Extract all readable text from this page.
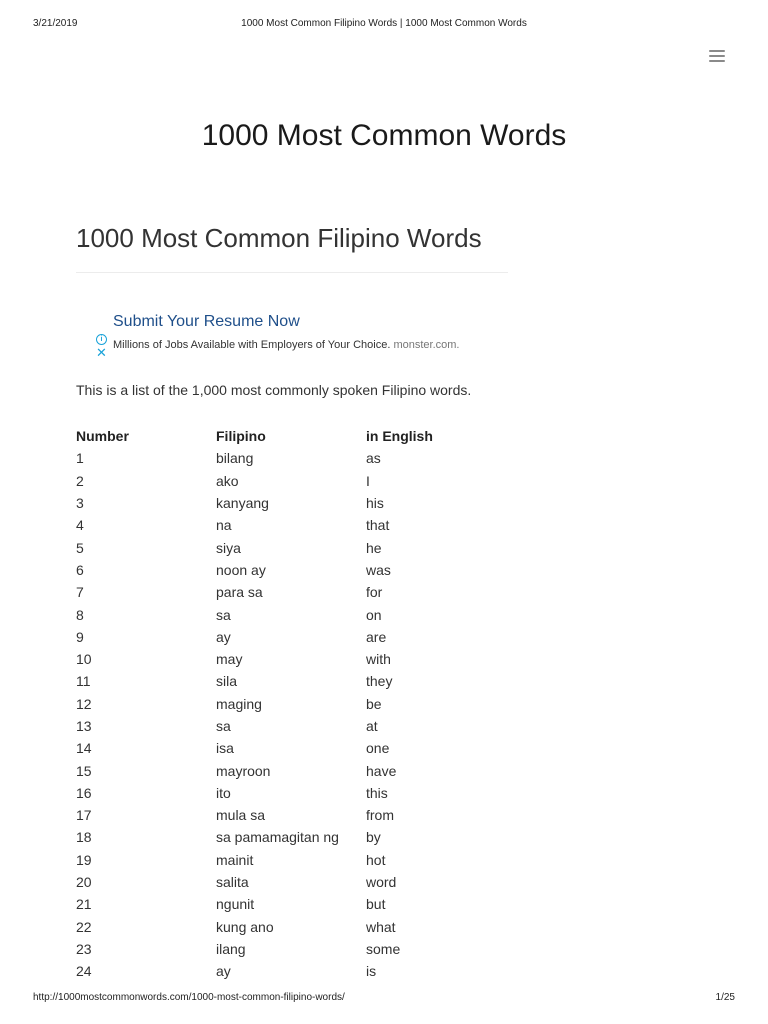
3/21/2019	1000 Most Common Filipino Words | 1000 Most Common Words
1000 Most Common Words
1000 Most Common Filipino Words
Submit Your Resume Now
i
✕ Millions of Jobs Available with Employers of Your Choice. monster.com.

This is a list of the 1,000 most commonly spoken Filipino words.

Number	Filipino	in English
1	bilang	as
2	ako	I
3	kanyang	his
4	na	that
5	siya	he
6	noon ay	was
7	para sa	for
8	sa	on
9	ay	are
10	may	with
11	sila	they
12	maging	be
13	sa	at
14	isa	one
15	mayroon	have
16	ito	this
17	mula sa	from
18	sa pamamagitan ng	by
19	mainit	hot
20	salita	word
21	ngunit	but
22	kung ano	what
23	ilang	some
24	ay	is
http://1000mostcommonwords.com/1000-most-common-filipino-words/	1/25
